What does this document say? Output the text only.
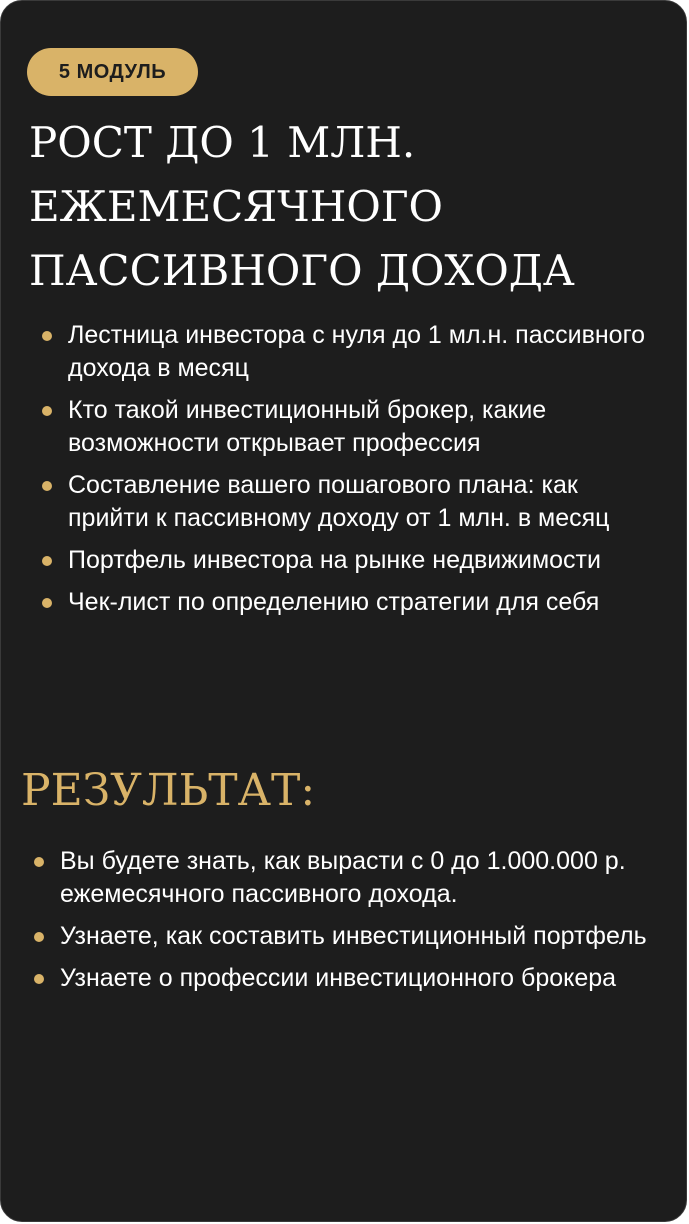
5 МОДУЛЬ
РОСТ ДО 1 МЛН.
ЕЖЕМЕСЯЧНОГО
ПАССИВНОГО ДОХОДА
Лестница инвестора с нуля до 1 мл.н. пассивного дохода в месяц
Кто такой инвестиционный брокер, какие возможности открывает профессия
Составление вашего пошагового плана: как прийти к пассивному доходу от 1 млн. в месяц
Портфель инвестора на рынке недвижимости
Чек-лист по определению стратегии для себя
РЕЗУЛЬТАТ:
Вы будете знать, как вырасти с 0 до 1.000.000 р. ежемесячного пассивного дохода.
Узнаете, как составить инвестиционный портфель
Узнаете о профессии инвестиционного брокера
